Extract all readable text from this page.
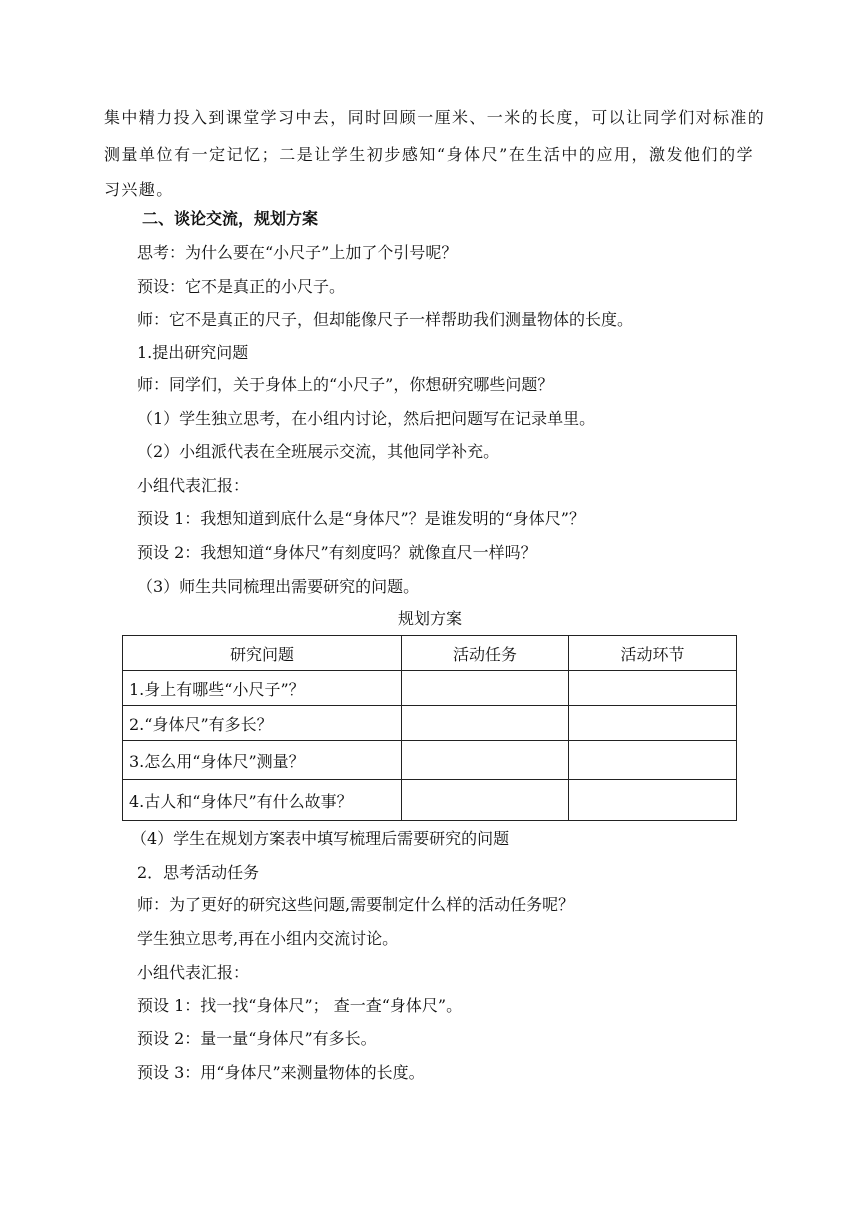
集中精力投入到课堂学习中去，同时回顾一厘米、一米的长度，可以让同学们对标准的
测量单位有一定记忆；二是让学生初步感知“身体尺”在生活中的应用，激发他们的学
习兴趣。
二、谈论交流，规划方案
思考：为什么要在“小尺子”上加了个引号呢？
预设：它不是真正的小尺子。
师：它不是真正的尺子，但却能像尺子一样帮助我们测量物体的长度。
1.提出研究问题
师：同学们，关于身体上的“小尺子”，你想研究哪些问题？
（1）学生独立思考，在小组内讨论，然后把问题写在记录单里。
（2）小组派代表在全班展示交流，其他同学补充。
小组代表汇报：
预设 1：我想知道到底什么是“身体尺”？是谁发明的“身体尺”？
预设 2：我想知道“身体尺”有刻度吗？就像直尺一样吗？
（3）师生共同梳理出需要研究的问题。
规划方案
研究问题	活动任务	活动环节
1.身上有哪些“小尺子”？		
2.“身体尺”有多长？		
3.怎么用“身体尺”测量？		
4.古人和“身体尺”有什么故事？		
（4）学生在规划方案表中填写梳理后需要研究的问题
2．思考活动任务
师：为了更好的研究这些问题,需要制定什么样的活动任务呢？
学生独立思考,再在小组内交流讨论。
小组代表汇报：
预设 1：找一找“身体尺”； 查一查“身体尺”。
预设 2：量一量“身体尺”有多长。
预设 3：用“身体尺”来测量物体的长度。
